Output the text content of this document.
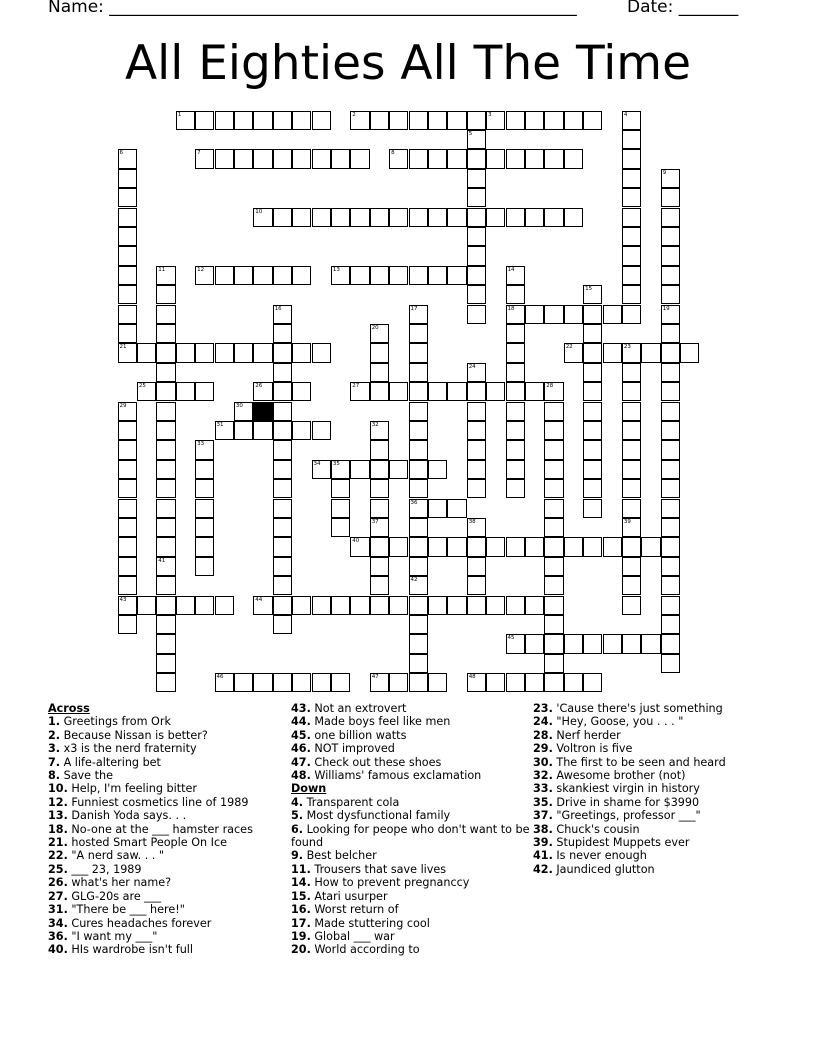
Name: _______________________________________________________	Date: _______
All Eighties All The Time
1	2	3	4
5
6	7	8
9
10
11
41
12	13	14
18
15
16	17
36
42
19
20
21	22	23
39
24
25	26	27	28
29
43
30
31	32
37
33
34 35
38
40
44
45
46	47	48
Across
1. Greetings from Ork
2. Because Nissan is better?
3. x3 is the nerd fraternity
7. A life-altering bet
8. Save the
10. Help, I'm feeling bitter
12. Funniest cosmetics line of 1989
13. Danish Yoda says. . .
18. No-one at the ___ hamster races
21. hosted Smart People On Ice
22. "A nerd saw. . . "
25. ___ 23, 1989
26. what's her name?
27. GLG-20s are ___
31. "There be ___ here!"
34. Cures headaches forever
36. "I want my ___"
40. HIs wardrobe isn't full
43. Not an extrovert
44. Made boys feel like men
45. one billion watts
46. NOT improved
47. Check out these shoes
48. Williams' famous exclamation
Down
4. Transparent cola
5. Most dysfunctional family
6. Looking for peope who don't want to be found
9. Best belcher
11. Trousers that save lives
14. How to prevent pregnanccy
15. Atari usurper
16. Worst return of
17. Made stuttering cool
19. Global ___ war
20. World according to
23. 'Cause there's just something
24. "Hey, Goose, you . . . "
28. Nerf herder
29. Voltron is five
30. The first to be seen and heard
32. Awesome brother (not)
33. skankiest virgin in history
35. Drive in shame for $3990
37. "Greetings, professor ___"
38. Chuck's cousin
39. Stupidest Muppets ever
41. Is never enough
42. Jaundiced glutton
